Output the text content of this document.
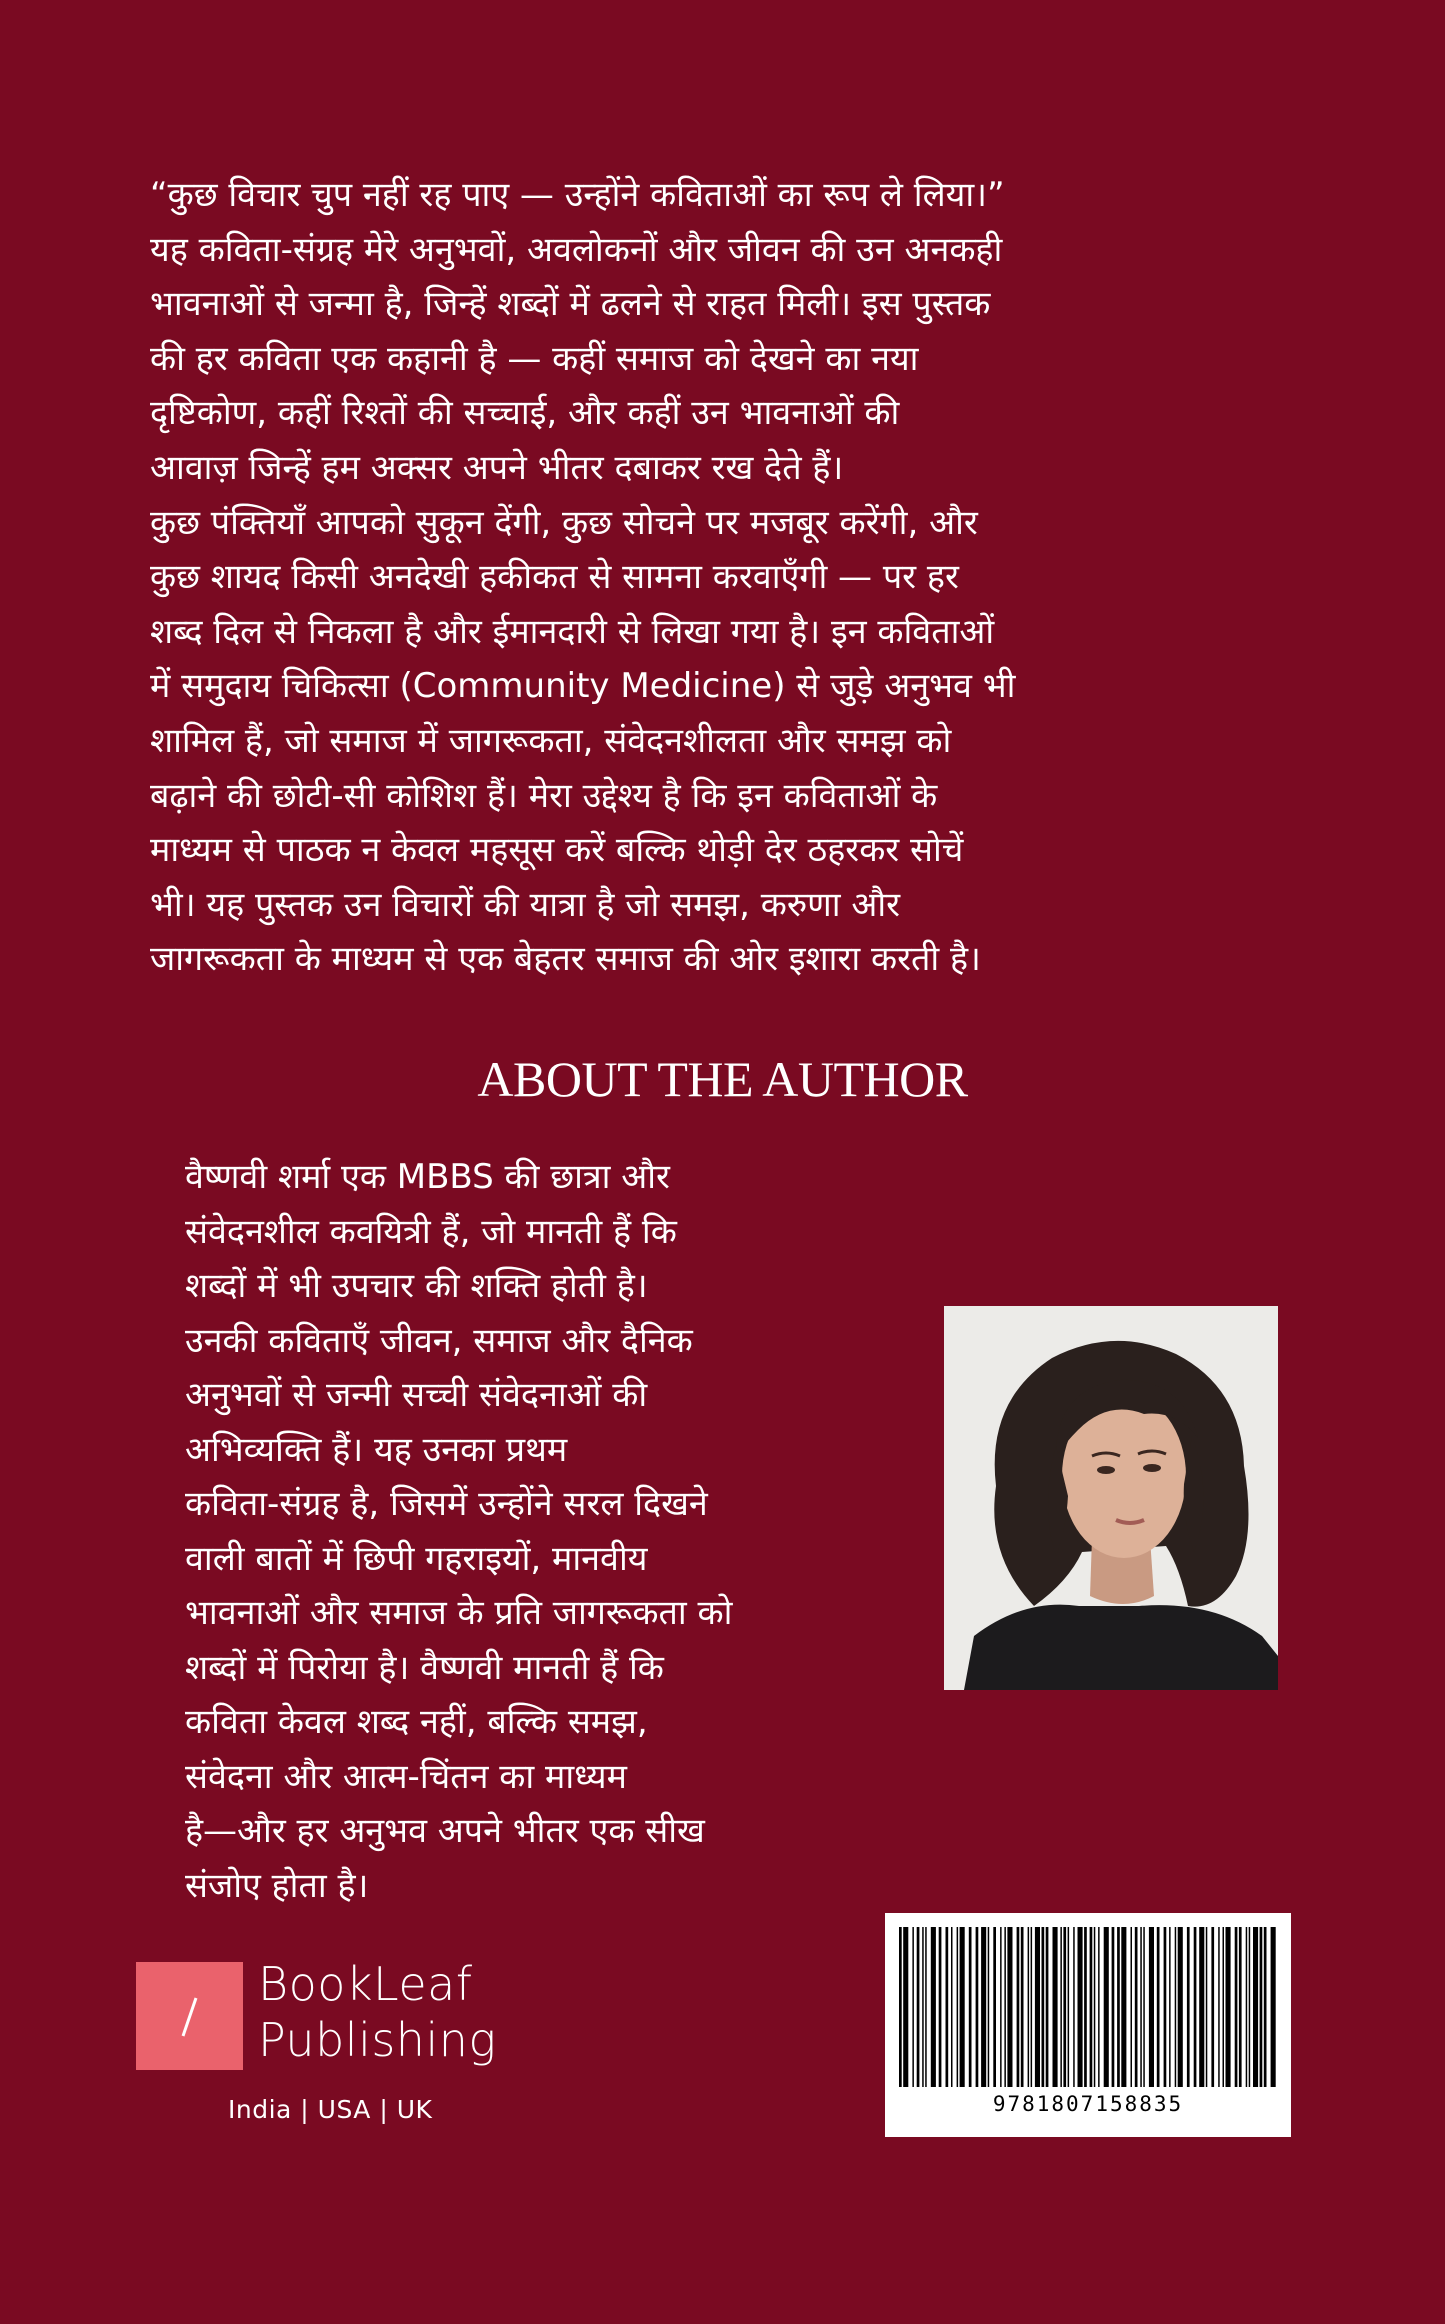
“कुछ विचार चुप नहीं रह पाए — उन्होंने कविताओं का रूप ले लिया।”

यह कविता-संग्रह मेरे अनुभवों, अवलोकनों और जीवन की उन अनकही

भावनाओं से जन्मा है, जिन्हें शब्दों में ढलने से राहत मिली। इस पुस्तक

की हर कविता एक कहानी है — कहीं समाज को देखने का नया

दृष्टिकोण, कहीं रिश्तों की सच्चाई, और कहीं उन भावनाओं की

आवाज़ जिन्हें हम अक्सर अपने भीतर दबाकर रख देते हैं।

कुछ पंक्तियाँ आपको सुकून देंगी, कुछ सोचने पर मजबूर करेंगी, और

कुछ शायद किसी अनदेखी हकीकत से सामना करवाएँगी — पर हर

शब्द दिल से निकला है और ईमानदारी से लिखा गया है। इन कविताओं

में समुदाय चिकित्सा (Community Medicine) से जुड़े अनुभव भी

शामिल हैं, जो समाज में जागरूकता, संवेदनशीलता और समझ को

बढ़ाने की छोटी-सी कोशिश हैं। मेरा उद्देश्य है कि इन कविताओं के

माध्यम से पाठक न केवल महसूस करें बल्कि थोड़ी देर ठहरकर सोचें

भी। यह पुस्तक उन विचारों की यात्रा है जो समझ, करुणा और

जागरूकता के माध्यम से एक बेहतर समाज की ओर इशारा करती है।

ABOUT THE AUTHOR
वैष्णवी शर्मा एक MBBS की छात्रा और
संवेदनशील कवयित्री हैं, जो मानती हैं कि
शब्दों में भी उपचार की शक्ति होती है।
उनकी कविताएँ जीवन, समाज और दैनिक
अनुभवों से जन्मी सच्ची संवेदनाओं की
अभिव्यक्ति हैं। यह उनका प्रथम
कविता-संग्रह है, जिसमें उन्होंने सरल दिखने
वाली बातों में छिपी गहराइयों, मानवीय
भावनाओं और समाज के प्रति जागरूकता को
शब्दों में पिरोया है। वैष्णवी मानती हैं कि
कविता केवल शब्द नहीं, बल्कि समझ,
संवेदना और आत्म-चिंतन का माध्यम
है—और हर अनुभव अपने भीतर एक सीख
संजोए होता है।
BookLeaf
Publishing
India | USA | UK	9781807158835
